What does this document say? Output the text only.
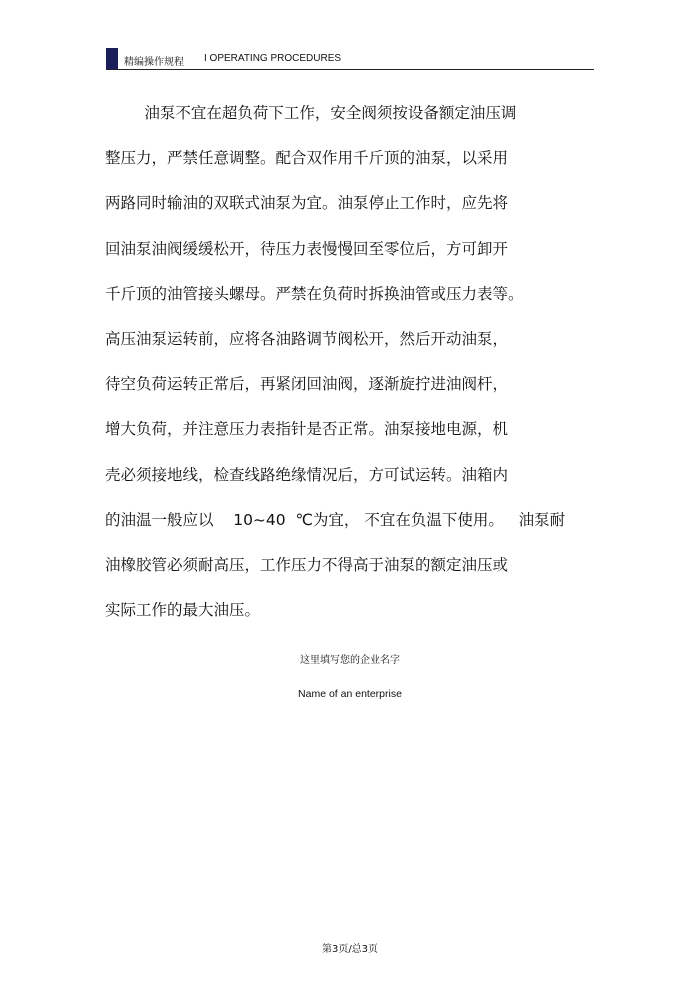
精编操作规程 I OPERATING PROCEDURES
油泵不宜在超负荷下工作，安全阀须按设备额定油压调
整压力，严禁任意调整。配合双作用千斤顶的油泵，以采用
两路同时输油的双联式油泵为宜。油泵停止工作时，应先将
回油泵油阀缓缓松开，待压力表慢慢回至零位后，方可卸开
千斤顶的油管接头螺母。严禁在负荷时拆换油管或压力表等。
高压油泵运转前，应将各油路调节阀松开，然后开动油泵，
待空负荷运转正常后，再紧闭回油阀，逐渐旋拧进油阀杆，
增大负荷，并注意压力表指针是否正常。油泵接地电源，机
壳必须接地线，检查线路绝缘情况后，方可试运转。油箱内
的油温一般应以    10~40  ℃为宜， 不宜在负温下使用。   油泵耐
油橡胶管必须耐高压，工作压力不得高于油泵的额定油压或
实际工作的最大油压。
这里填写您的企业名字
Name of an enterprise
第3页/总3页
